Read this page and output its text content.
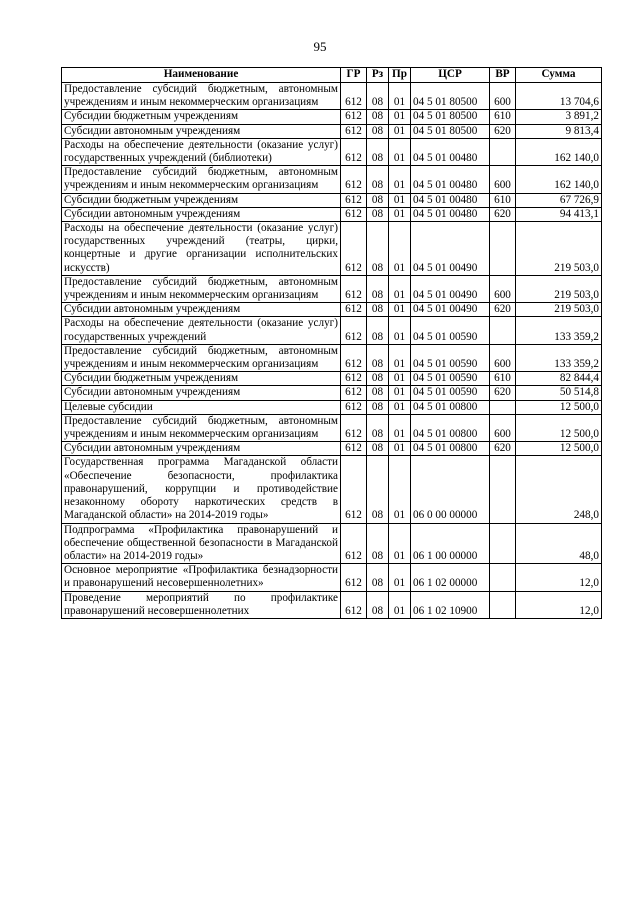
95
Наименование	ГР	Рз	Пр	ЦСР	ВР	Сумма
Предоставление субсидий бюджетным, автономным учреждениям и иным некоммерческим организациям	612	08	01	04 5 01 80500	600	13 704,6
Субсидии бюджетным учреждениям	612	08	01	04 5 01 80500	610	3 891,2
Субсидии автономным учреждениям	612	08	01	04 5 01 80500	620	9 813,4
Расходы на обеспечение деятельности (оказание услуг) государственных учреждений (библиотеки)	612	08	01	04 5 01 00480		162 140,0
Предоставление субсидий бюджетным, автономным учреждениям и иным некоммерческим организациям	612	08	01	04 5 01 00480	600	162 140,0
Субсидии бюджетным учреждениям	612	08	01	04 5 01 00480	610	67 726,9
Субсидии автономным учреждениям	612	08	01	04 5 01 00480	620	94 413,1
Расходы на обеспечение деятельности (оказание услуг) государственных учреждений (театры, цирки, концертные и другие организации исполнительских искусств)	612	08	01	04 5 01 00490		219 503,0
Предоставление субсидий бюджетным, автономным учреждениям и иным некоммерческим организациям	612	08	01	04 5 01 00490	600	219 503,0
Субсидии автономным учреждениям	612	08	01	04 5 01 00490	620	219 503,0
Расходы на обеспечение деятельности (оказание услуг) государственных учреждений	612	08	01	04 5 01 00590		133 359,2
Предоставление субсидий бюджетным, автономным учреждениям и иным некоммерческим организациям	612	08	01	04 5 01 00590	600	133 359,2
Субсидии бюджетным учреждениям	612	08	01	04 5 01 00590	610	82 844,4
Субсидии автономным учреждениям	612	08	01	04 5 01 00590	620	50 514,8
Целевые субсидии	612	08	01	04 5 01 00800		12 500,0
Предоставление субсидий бюджетным, автономным учреждениям и иным некоммерческим организациям	612	08	01	04 5 01 00800	600	12 500,0
Субсидии автономным учреждениям	612	08	01	04 5 01 00800	620	12 500,0
Государственная программа Магаданской области «Обеспечение безопасности, профилактика правонарушений, коррупции и противодействие незаконному обороту наркотических средств в Магаданской области» на 2014-2019 годы»	612	08	01	06 0 00 00000		248,0
Подпрограмма «Профилактика правонарушений и обеспечение общественной безопасности в Магаданской области» на 2014-2019 годы»	612	08	01	06 1 00 00000		48,0
Основное мероприятие «Профилактика безнадзорности и правонарушений несовершеннолетних»	612	08	01	06 1 02 00000		12,0
Проведение мероприятий по профилактике правонарушений несовершеннолетних	612	08	01	06 1 02 10900		12,0
